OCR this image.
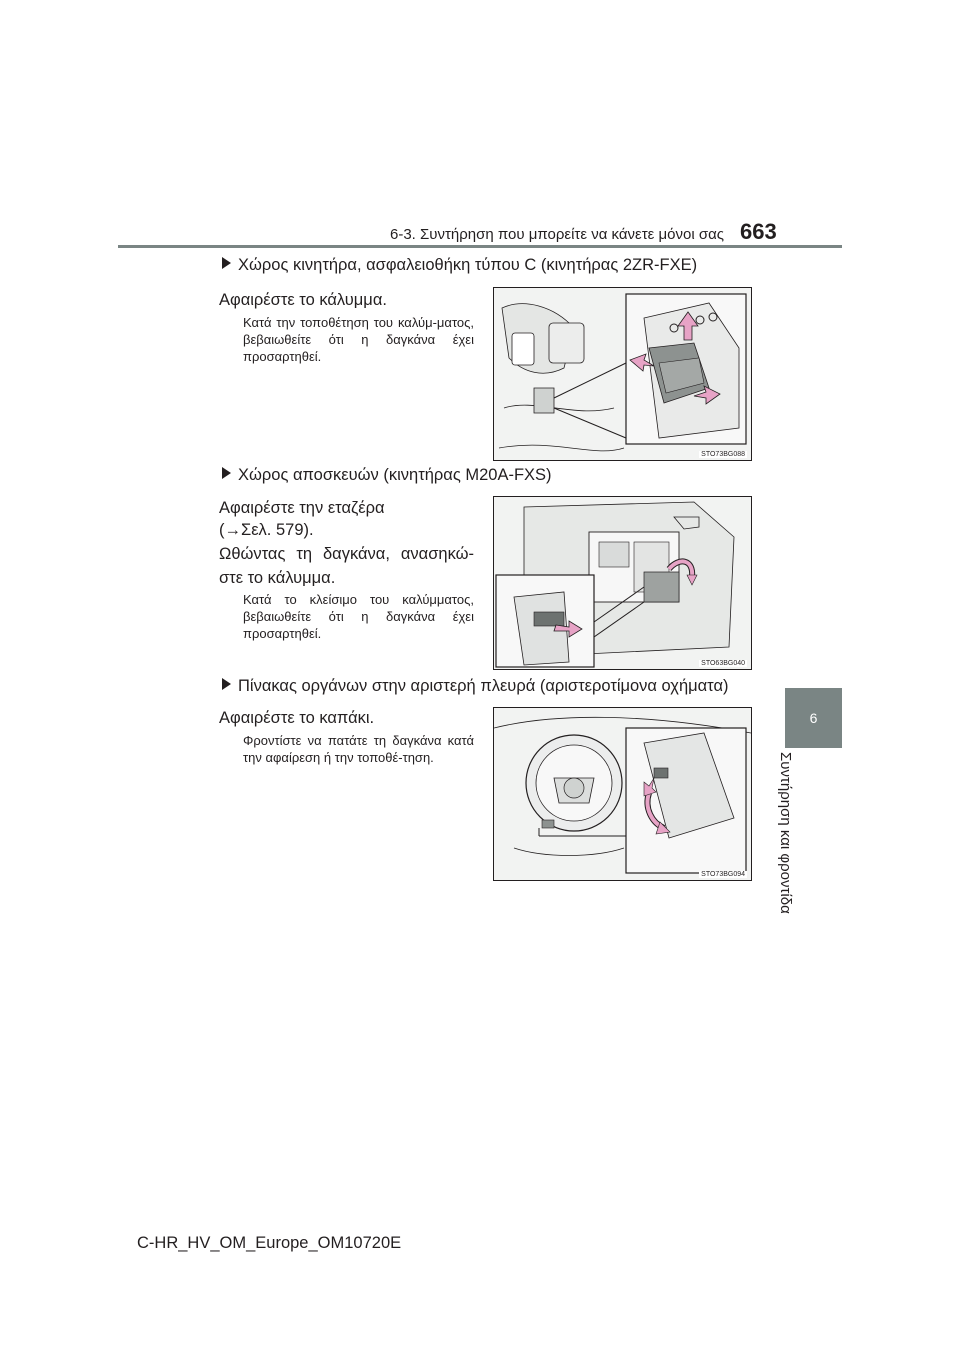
6-3. Συντήρηση που μπορείτε να κάνετε μόνοι σας 663
6
Συντήρηση και φροντίδα
Χώρος κινητήρα, ασφαλειοθήκη τύπου C (κινητήρας 2ZR-FXE)
Αφαιρέστε το κάλυμμα.
Κατά την τοποθέτηση του καλύμ-ματος, βεβαιωθείτε ότι η δαγκάνα έχει προσαρτηθεί.
STO73BG088
Χώρος αποσκευών (κινητήρας M20A-FXS)
Αφαιρέστε την εταζέρα
(→Σελ. 579).
Ωθώντας τη δαγκάνα, ανασηκώ-στε το κάλυμμα.
Κατά το κλείσιμο του καλύμματος, βεβαιωθείτε ότι η δαγκάνα έχει προσαρτηθεί.
STO63BG040
Πίνακας οργάνων στην αριστερή πλευρά (αριστεροτίμονα οχήματα)
Αφαιρέστε το καπάκι.
Φροντίστε να πατάτε τη δαγκάνα κατά την αφαίρεση ή την τοποθέ-τηση.
STO73BG094
C-HR_HV_OM_Europe_OM10720E
